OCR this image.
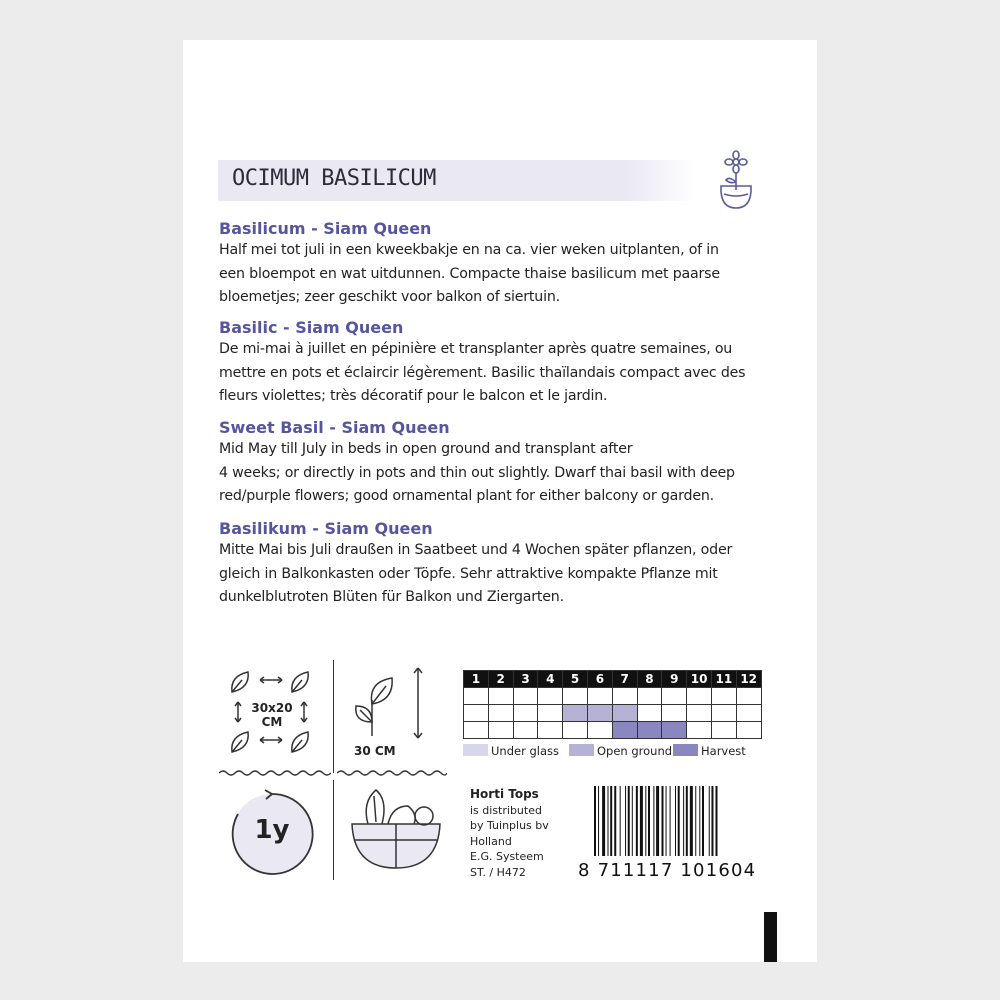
OCIMUM BASILICUM
Basilicum - Siam Queen
Half mei tot juli in een kweekbakje en na ca. vier weken uitplanten, of in
een bloempot en wat uitdunnen. Compacte thaise basilicum met paarse
bloemetjes; zeer geschikt voor balkon of siertuin.
Basilic - Siam Queen
De mi-mai à juillet en pépinière et transplanter après quatre semaines, ou
mettre en pots et éclaircir légèrement. Basilic thaïlandais compact avec des
fleurs violettes; très décoratif pour le balcon et le jardin.
Sweet Basil - Siam Queen
Mid May till July in beds in open ground and transplant after
4 weeks; or directly in pots and thin out slightly. Dwarf thai basil with deep
red/purple flowers; good ornamental plant for either balcony or garden.
Basilikum - Siam Queen
Mitte Mai bis Juli draußen in Saatbeet und 4 Wochen später pflanzen, oder
gleich in Balkonkasten oder Töpfe. Sehr attraktive kompakte Pflanze mit
dunkelblutroten Blüten für Balkon und Ziergarten.
30x20
CM
30 CM
1y
1	2	3	4	5	6	7	8	9	10	11	12

Under glass	Open ground	Harvest
Horti Tops
is distributed
by Tuinplus bv
Holland
E.G. Systeem
ST. / H472	8 711117 101604
